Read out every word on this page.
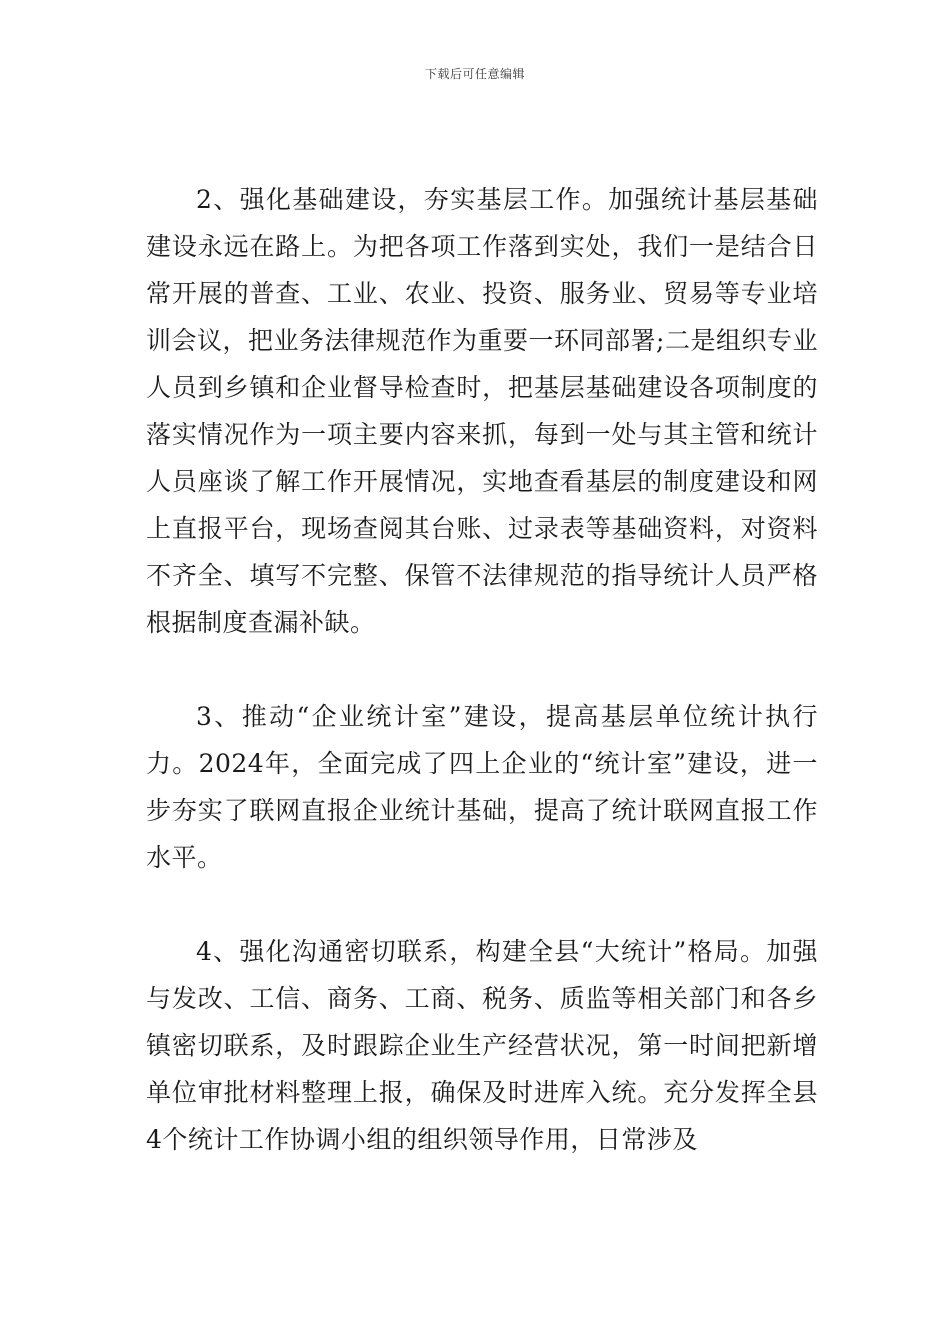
下载后可任意编辑

2、强化基础建设，夯实基层工作。加强统计基层基础建设永远在路上。为把各项工作落到实处，我们一是结合日常开展的普查、工业、农业、投资、服务业、贸易等专业培训会议，把业务法律规范作为重要一环同部署;二是组织专业人员到乡镇和企业督导检查时，把基层基础建设各项制度的落实情况作为一项主要内容来抓，每到一处与其主管和统计人员座谈了解工作开展情况，实地查看基层的制度建设和网上直报平台，现场查阅其台账、过录表等基础资料，对资料不齐全、填写不完整、保管不法律规范的指导统计人员严格根据制度查漏补缺。

3、推动“企业统计室”建设，提高基层单位统计执行力。2024年，全面完成了四上企业的“统计室”建设，进一步夯实了联网直报企业统计基础，提高了统计联网直报工作水平。

4、强化沟通密切联系，构建全县“大统计”格局。加强与发改、工信、商务、工商、税务、质监等相关部门和各乡镇密切联系，及时跟踪企业生产经营状况，第一时间把新增单位审批材料整理上报，确保及时进库入统。充分发挥全县4个统计工作协调小组的组织领导作用，日常涉及
